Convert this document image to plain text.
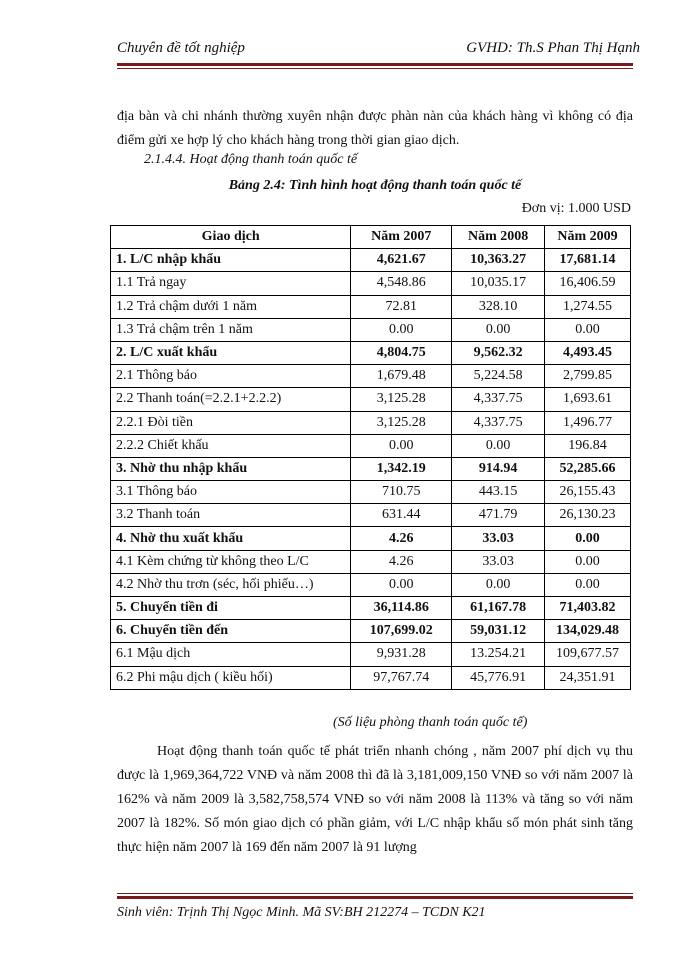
Chuyên đề tốt nghiệp	GVHD: Th.S Phan Thị Hạnh
địa bàn và chi nhánh thường xuyên nhận được phàn nàn của khách hàng vì không có địa điểm gửi xe hợp lý cho khách hàng trong thời gian giao dịch.
2.1.4.4. Hoạt động thanh toán quốc tế
Bảng 2.4: Tình hình hoạt động thanh toán quốc tế
Đơn vị: 1.000 USD
Giao dịch	Năm 2007	Năm 2008	Năm 2009
1. L/C nhập khẩu	4,621.67	10,363.27	17,681.14
1.1 Trả ngay	4,548.86	10,035.17	16,406.59
1.2 Trả chậm dưới 1 năm	72.81	328.10	1,274.55
1.3 Trả chậm trên 1 năm	0.00	0.00	0.00
2. L/C xuất khẩu	4,804.75	9,562.32	4,493.45
2.1 Thông báo	1,679.48	5,224.58	2,799.85
2.2 Thanh toán(=2.2.1+2.2.2)	3,125.28	4,337.75	1,693.61
2.2.1 Đòi tiền	3,125.28	4,337.75	1,496.77
2.2.2 Chiết khấu	0.00	0.00	196.84
3. Nhờ thu nhập khẩu	1,342.19	914.94	52,285.66
3.1 Thông báo	710.75	443.15	26,155.43
3.2 Thanh toán	631.44	471.79	26,130.23
4. Nhờ thu xuất khẩu	4.26	33.03	0.00
4.1 Kèm chứng từ không theo L/C	4.26	33.03	0.00
4.2 Nhờ thu trơn (séc, hối phiếu…)	0.00	0.00	0.00
5. Chuyển tiền đi	36,114.86	61,167.78	71,403.82
6. Chuyển tiền đến	107,699.02	59,031.12	134,029.48
6.1 Mậu dịch	9,931.28	13.254.21	109,677.57
6.2 Phi mậu dịch ( kiều hối)	97,767.74	45,776.91	24,351.91
(Số liệu phòng thanh toán quốc tế)
Hoạt động thanh toán quốc tế phát triển nhanh chóng , năm 2007 phí dịch vụ thu được là 1,969,364,722 VNĐ và năm 2008 thì đã là 3,181,009,150 VNĐ so với năm 2007 là 162% và năm 2009 là 3,582,758,574 VNĐ so với năm 2008 là 113% và tăng so với năm 2007 là 182%. Số món giao dịch có phần giảm, với L/C nhập khẩu số món phát sinh tăng thực hiện năm 2007 là 169 đến năm 2007 là 91 lượng
Sinh viên: Trịnh Thị Ngọc Minh. Mã SV:BH 212274 – TCDN K21
